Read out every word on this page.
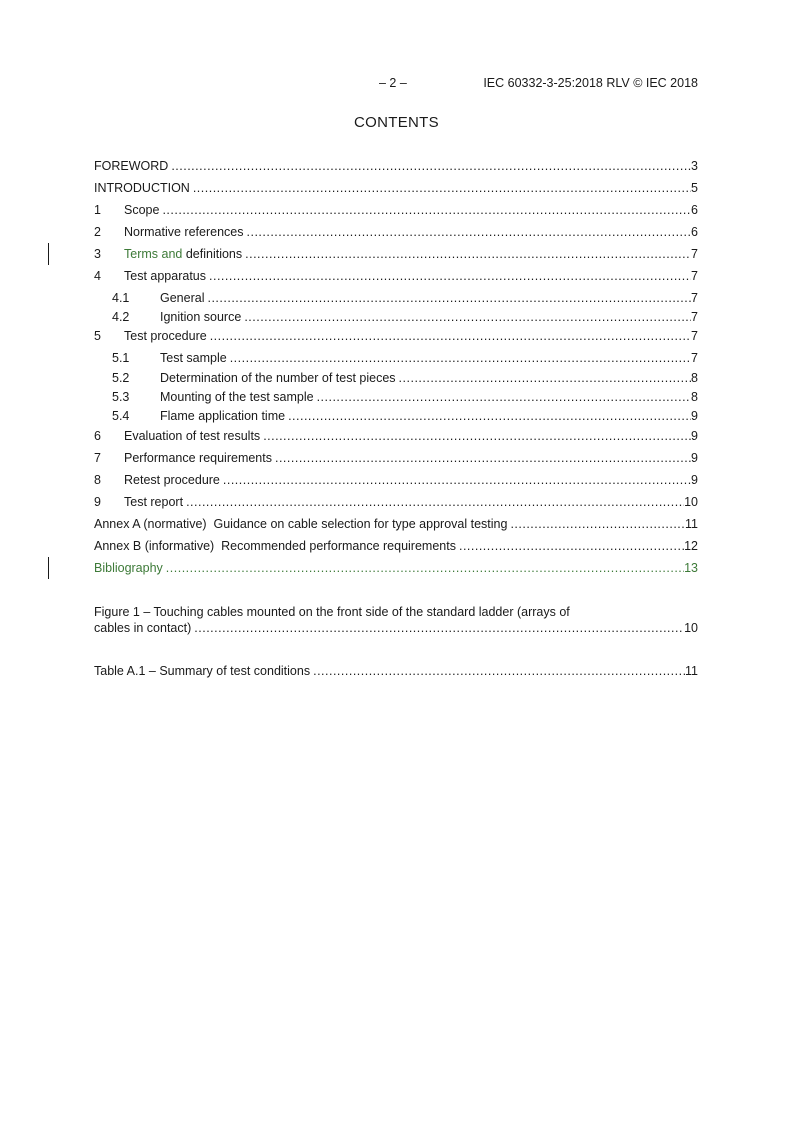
– 2 –	IEC 60332-3-25:2018 RLV © IEC 2018
CONTENTS
FOREWORD .....	3
INTRODUCTION .....	5
1	Scope .....	6
2	Normative references .....	6
3	Terms and definitions .....	7
4	Test apparatus .....	7
4.1	General .....	7
4.2	Ignition source .....	7
5	Test procedure .....	7
5.1	Test sample .....	7
5.2	Determination of the number of test pieces .....	8
5.3	Mounting of the test sample .....	8
5.4	Flame application time .....	9
6	Evaluation of test results .....	9
7	Performance requirements .....	9
8	Retest procedure .....	9
9	Test report .....	10
Annex A (normative)  Guidance on cable selection for type approval testing .....	11
Annex B (informative)  Recommended performance requirements .....	12
Bibliography .....	13
Figure 1 – Touching cables mounted on the front side of the standard ladder (arrays of
cables in contact) .....	10
Table A.1 – Summary of test conditions .....	11
